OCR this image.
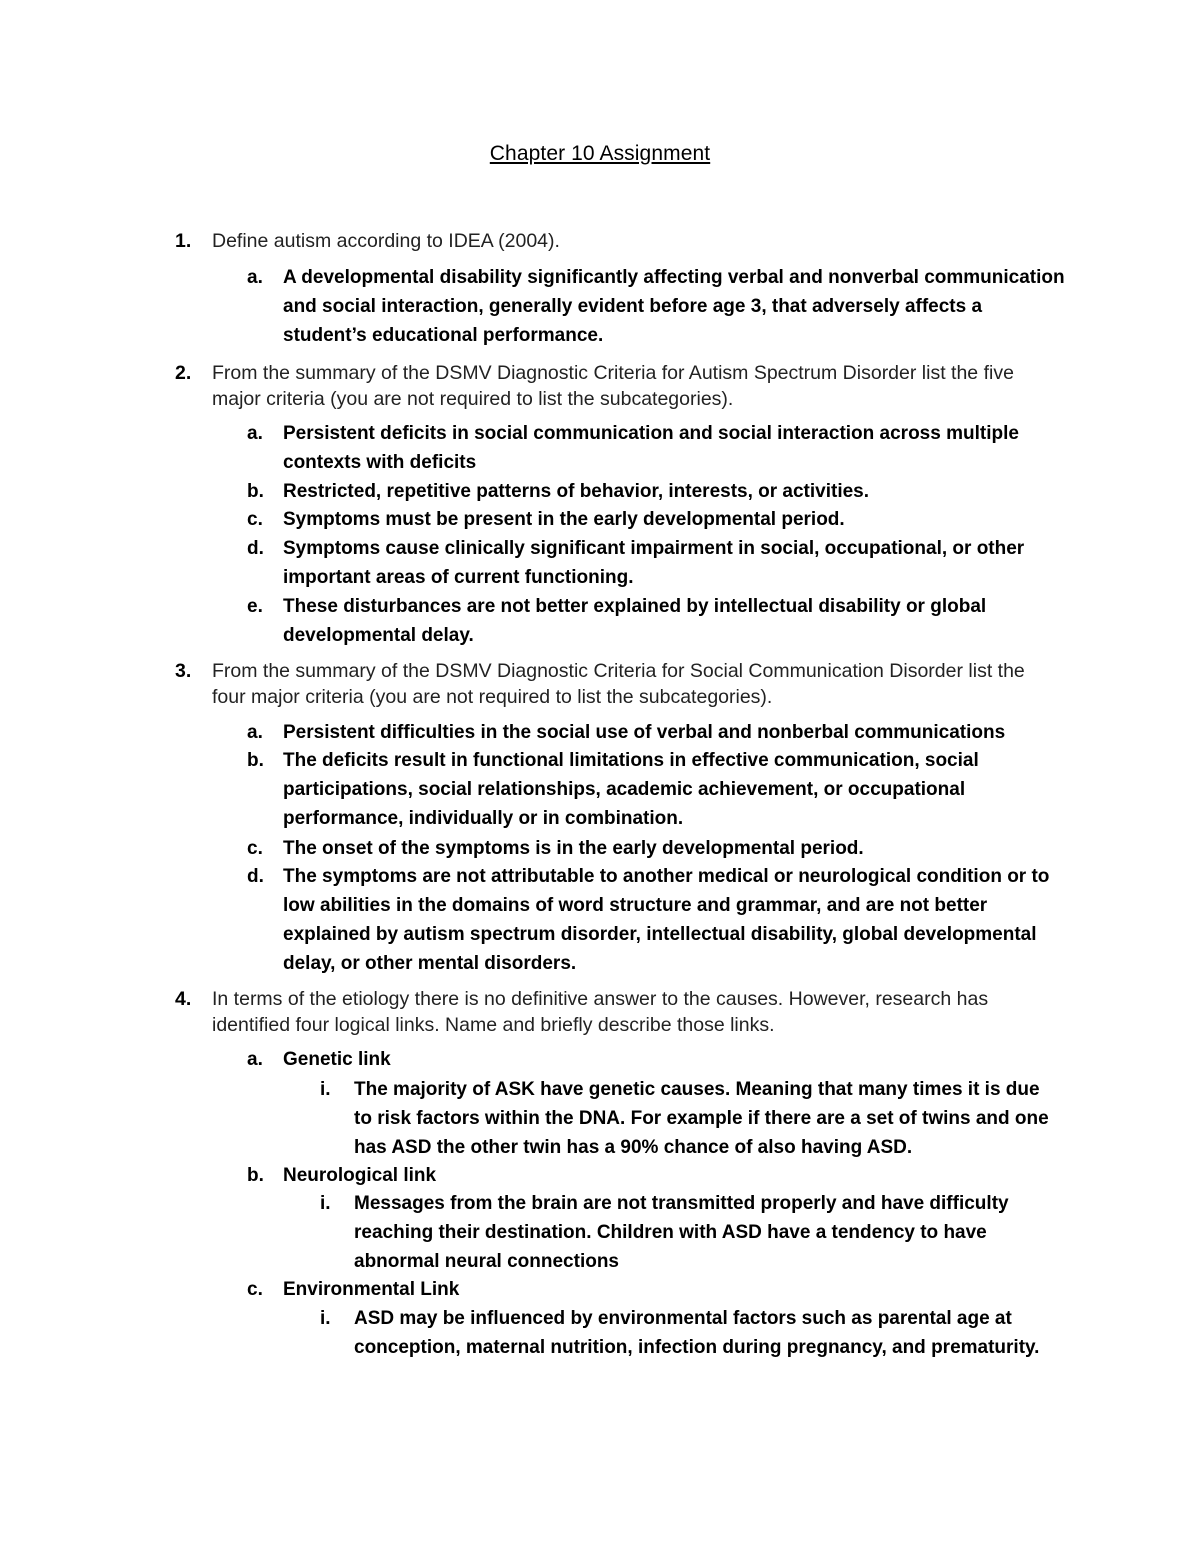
Chapter 10 Assignment
1.	Define autism according to IDEA (2004).
a.	A developmental disability significantly affecting verbal and nonverbal communication and social interaction, generally evident before age 3, that adversely affects a student’s educational performance.
2.	From the summary of the DSMV Diagnostic Criteria for Autism Spectrum Disorder list the five major criteria (you are not required to list the subcategories).
a.	Persistent deficits in social communication and social interaction across multiple contexts with deficits
b.	Restricted, repetitive patterns of behavior, interests, or activities.
c.	Symptoms must be present in the early developmental period.
d.	Symptoms cause clinically significant impairment in social, occupational, or other important areas of current functioning.
e.	These disturbances are not better explained by intellectual disability or global developmental delay.
3.	From the summary of the DSMV Diagnostic Criteria for Social Communication Disorder list the four major criteria (you are not required to list the subcategories).
a.	Persistent difficulties in the social use of verbal and nonberbal communications
b.	The deficits result in functional limitations in effective communication, social participations, social relationships, academic achievement, or occupational performance, individually or in combination.
c.	The onset of the symptoms is in the early developmental period.
d.	The symptoms are not attributable to another medical or neurological condition or to low abilities in the domains of word structure and grammar, and are not better explained by autism spectrum disorder, intellectual disability, global developmental delay, or other mental disorders.
4.	In terms of the etiology there is no definitive answer to the causes. However, research has identified four logical links. Name and briefly describe those links.
a.	Genetic link
i.	The majority of ASK have genetic causes. Meaning that many times it is due to risk factors within the DNA. For example if there are a set of twins and one has ASD the other twin has a 90% chance of also having ASD.
b.	Neurological link
i.	Messages from the brain are not transmitted properly and have difficulty reaching their destination. Children with ASD have a tendency to have abnormal neural connections
c.	Environmental Link
i.	ASD may be influenced by environmental factors such as parental age at conception, maternal nutrition, infection during pregnancy, and prematurity.
